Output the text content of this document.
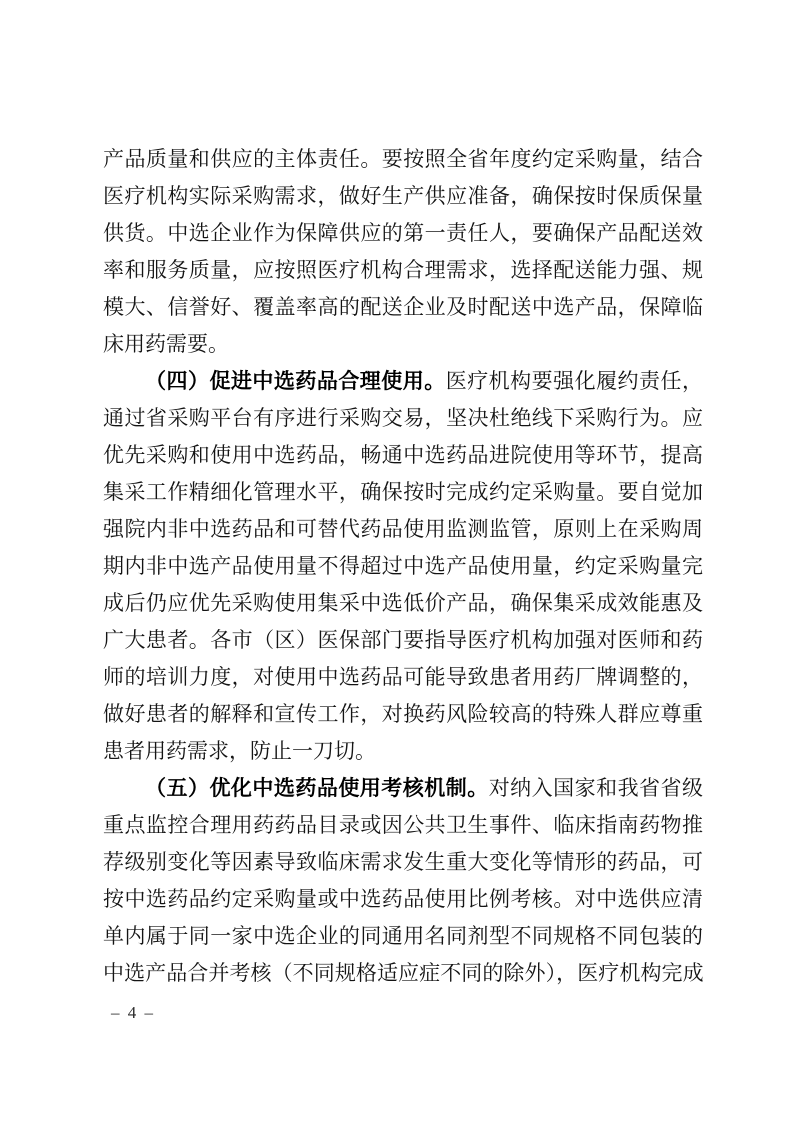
产品质量和供应的主体责任。要按照全省年度约定采购量，结合
医疗机构实际采购需求，做好生产供应准备，确保按时保质保量
供货。中选企业作为保障供应的第一责任人，要确保产品配送效
率和服务质量，应按照医疗机构合理需求，选择配送能力强、规
模大、信誉好、覆盖率高的配送企业及时配送中选产品，保障临
床用药需要。
（四）促进中选药品合理使用。医疗机构要强化履约责任，
通过省采购平台有序进行采购交易，坚决杜绝线下采购行为。应
优先采购和使用中选药品，畅通中选药品进院使用等环节，提高
集采工作精细化管理水平，确保按时完成约定采购量。要自觉加
强院内非中选药品和可替代药品使用监测监管，原则上在采购周
期内非中选产品使用量不得超过中选产品使用量，约定采购量完
成后仍应优先采购使用集采中选低价产品，确保集采成效能惠及
广大患者。各市（区）医保部门要指导医疗机构加强对医师和药
师的培训力度，对使用中选药品可能导致患者用药厂牌调整的，
做好患者的解释和宣传工作，对换药风险较高的特殊人群应尊重
患者用药需求，防止一刀切。
（五）优化中选药品使用考核机制。对纳入国家和我省省级
重点监控合理用药药品目录或因公共卫生事件、临床指南药物推
荐级别变化等因素导致临床需求发生重大变化等情形的药品，可
按中选药品约定采购量或中选药品使用比例考核。对中选供应清
单内属于同一家中选企业的同通用名同剂型不同规格不同包装的
中选产品合并考核（不同规格适应症不同的除外），医疗机构完成
– 4 –
